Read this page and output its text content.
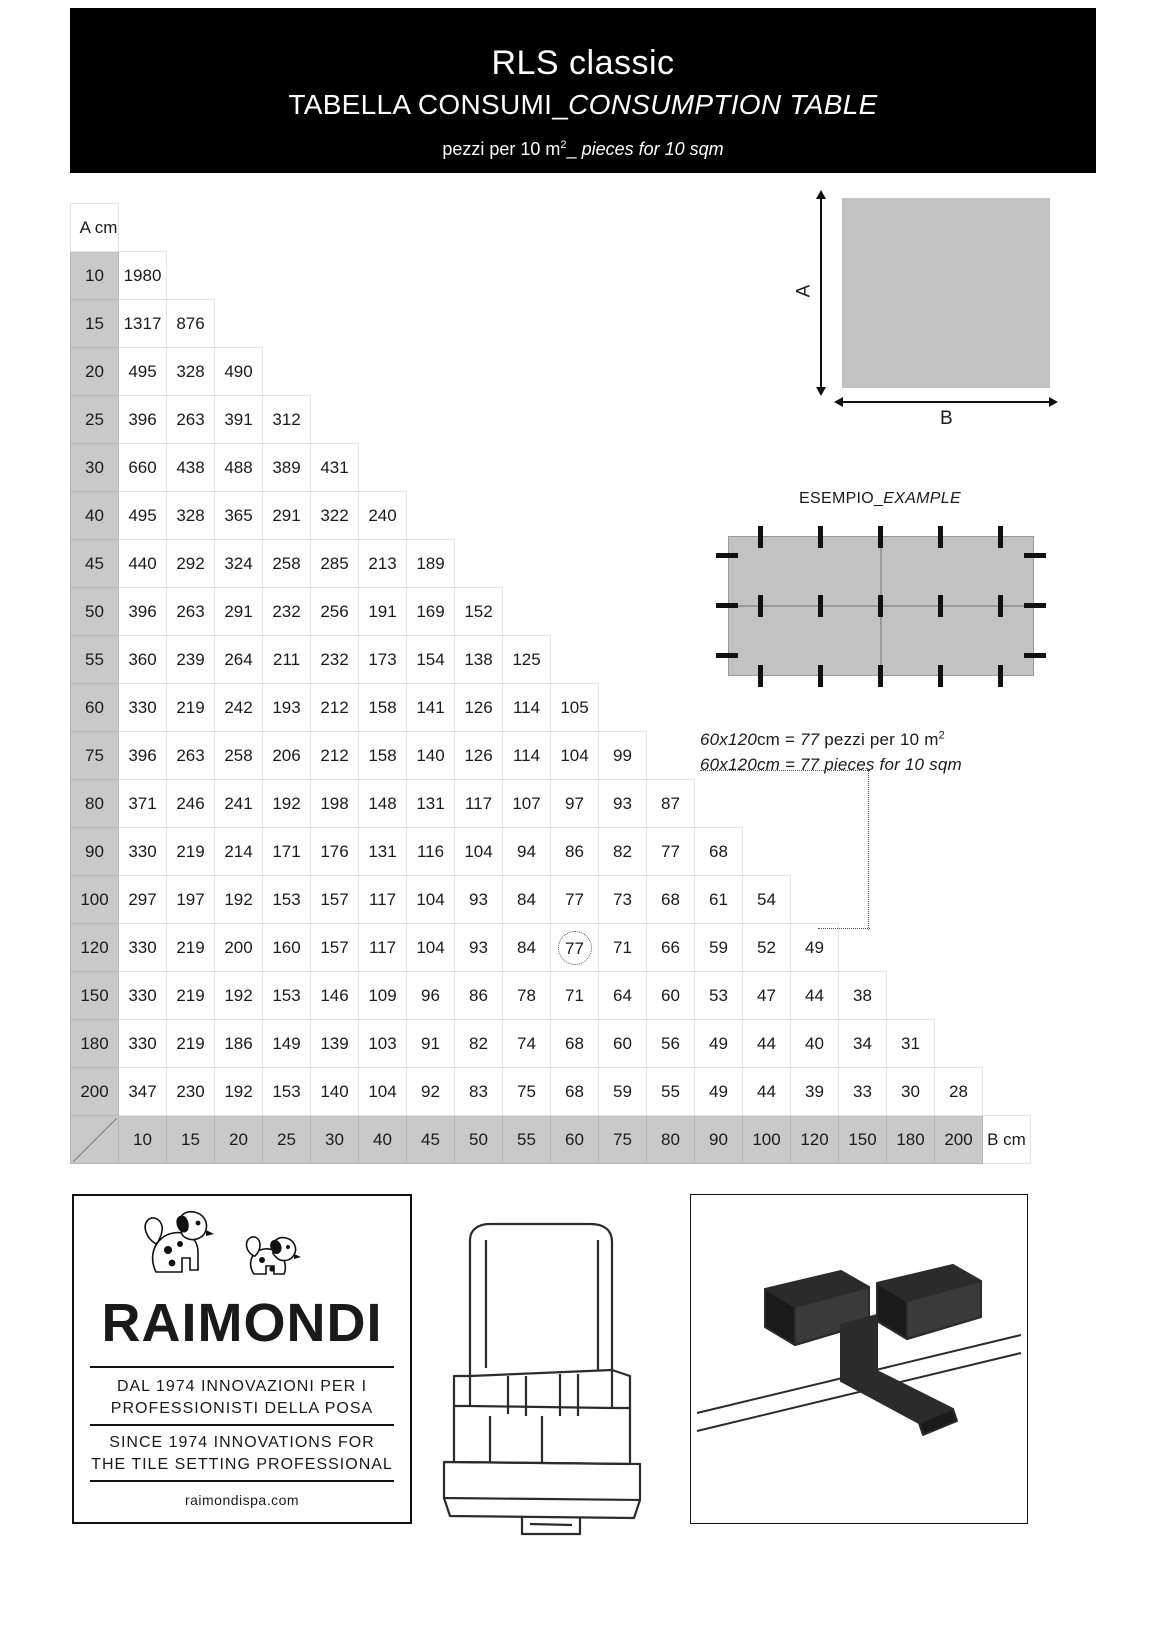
RLS classic
TABELLA CONSUMI_CONSUMPTION TABLE
pezzi per 10 $m^2\_$ pieces for 10 sqm
A cm																			
10	1980																		
15	1317	876																	
20	495	328	490																
25	396	263	391	312															
30	660	438	488	389	431														
40	495	328	365	291	322	240													
45	440	292	324	258	285	213	189												
50	396	263	291	232	256	191	169	152											
55	360	239	264	211	232	173	154	138	125										
60	330	219	242	193	212	158	141	126	114	105									
75	396	263	258	206	212	158	140	126	114	104	99								
80	371	246	241	192	198	148	131	117	107	97	93	87							
90	330	219	214	171	176	131	116	104	94	86	82	77	68						
100	297	197	192	153	157	117	104	93	84	77	73	68	61	54					
120	330	219	200	160	157	117	104	93	84	77	71	66	59	52	49				
150	330	219	192	153	146	109	96	86	78	71	64	60	53	47	44	38			
180	330	219	186	149	139	103	91	82	74	68	60	56	49	44	40	34	31		
200	347	230	192	153	140	104	92	83	75	68	59	55	49	44	39	33	30	28	
	10	15	20	25	30	40	45	50	55	60	75	80	90	100	120	150	180	200	B cm
A
B
ESEMPIO_EXAMPLE
60x120cm = 77 pezzi per 10 $m^2$
60x120cm = 77 pieces for 10 sqm
RAIMONDI
DAL 1974 INNOVAZIONI PER I
PROFESSIONISTI DELLA POSA
SINCE 1974 INNOVATIONS FOR
THE TILE SETTING PROFESSIONAL
raimondispa.com
